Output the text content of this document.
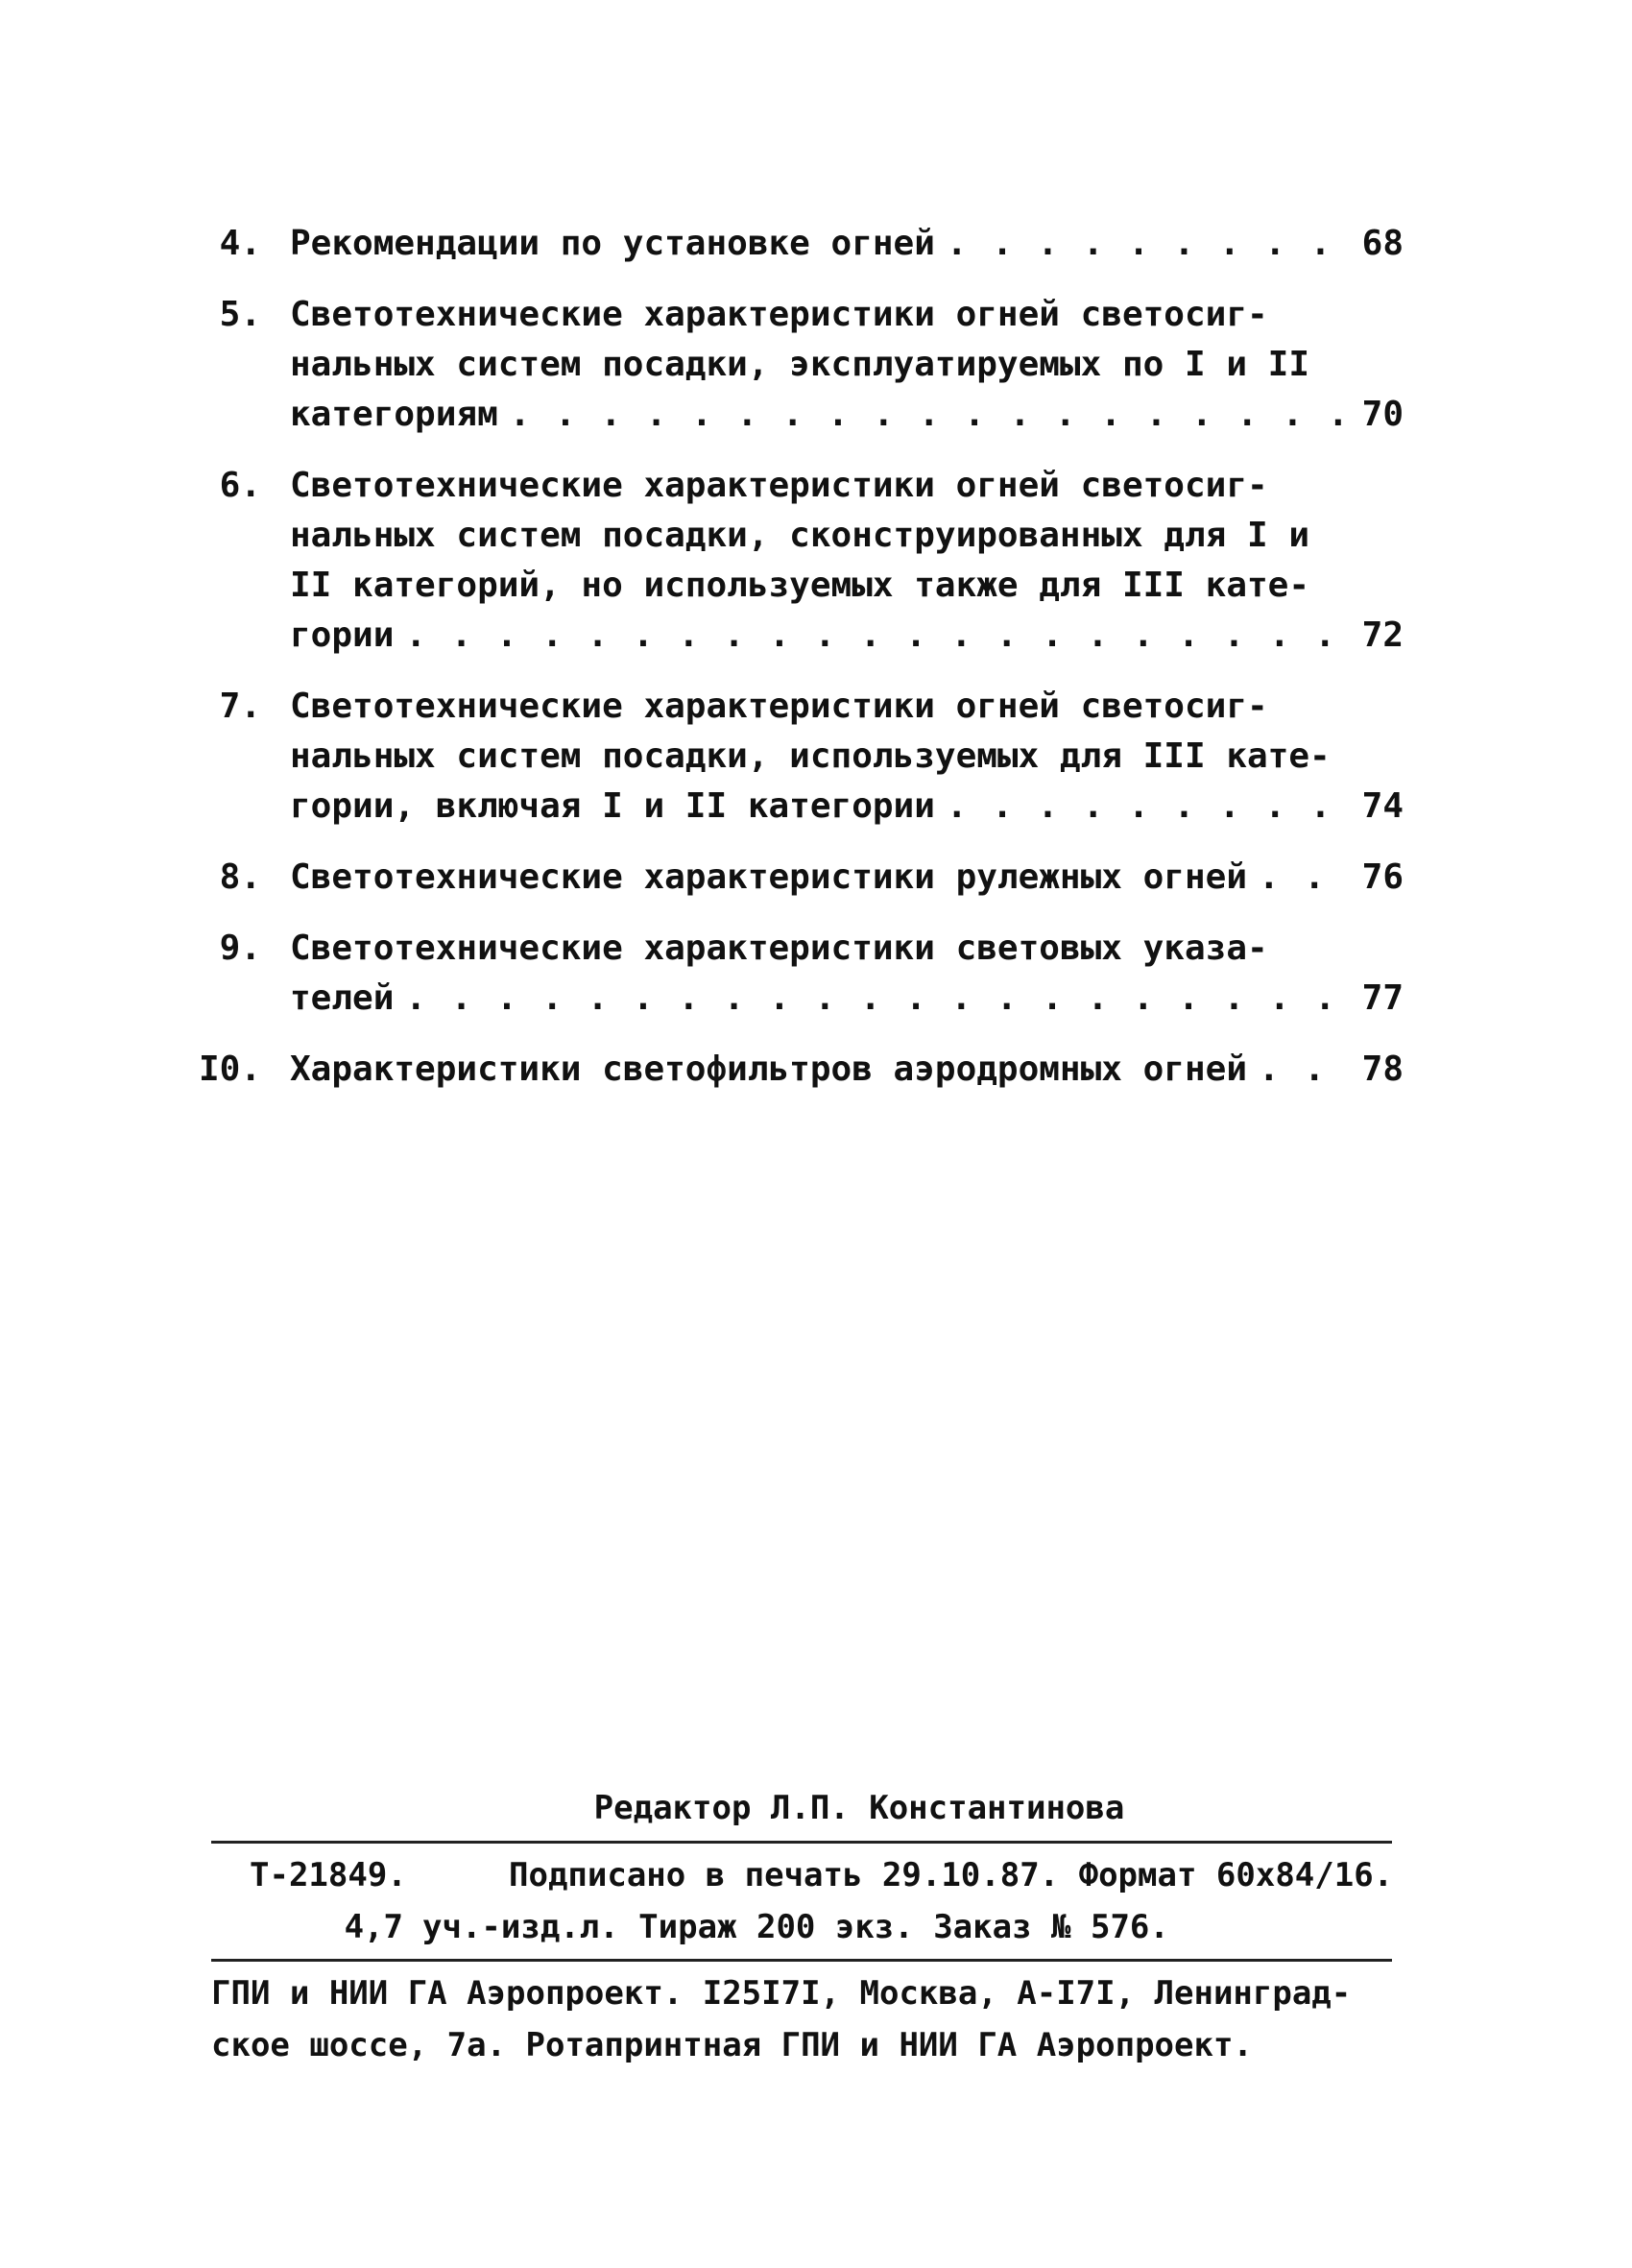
4. Рекомендации по установке огней . . .	68
5. Светотехнические характеристики огней светосиг-
нальных систем посадки, эксплуатируемых по I и II
категориям . . .	70
6. Светотехнические характеристики огней светосиг-
нальных систем посадки, сконструированных для I и
II категорий, но используемых также для III кате-
гории . . .	72
7. Светотехнические характеристики огней светосиг-
нальных систем посадки, используемых для III кате-
гории, включая I и II категории . . .	74
8. Светотехнические характеристики рулежных огней . . .	76
9. Светотехнические характеристики световых указа-
телей . . .	77
I0. Характеристики светофильтров аэродромных огней . . .	78
Редактор Л.П. Константинова
Т-21849.	Подписано в печать 29.10.87. Формат 60х84/16.
4,7 уч.-изд.л. Тираж 200 экз. Заказ № 576.
ГПИ и НИИ ГА Аэропроект. I25I7I, Москва, А-I7I, Ленинград-
ское шоссе, 7а. Ротапринтная ГПИ и НИИ ГА Аэропроект.
